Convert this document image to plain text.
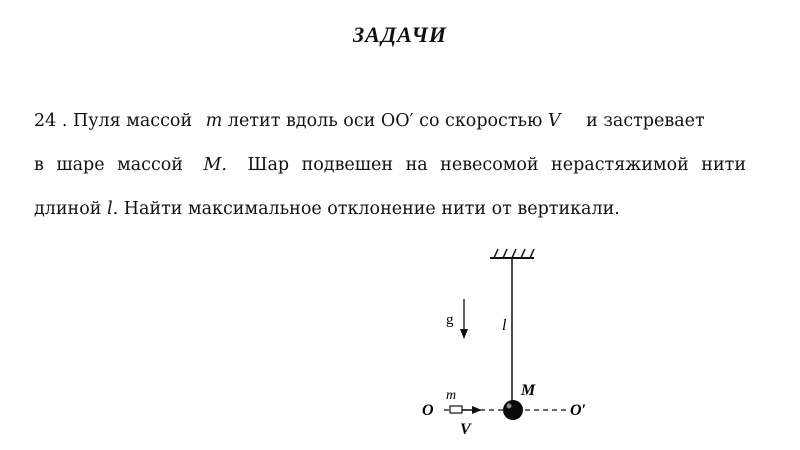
ЗАДАЧИ
24 . Пуля массой m летит вдоль оси OO′ со скоростью V и застревает
в шаре массой M. Шар подвешен на невесомой нерастяжимой нити
длиной l. Найти максимальное отклонение нити от вертикали.
g	l
M
m
O	O′
V
